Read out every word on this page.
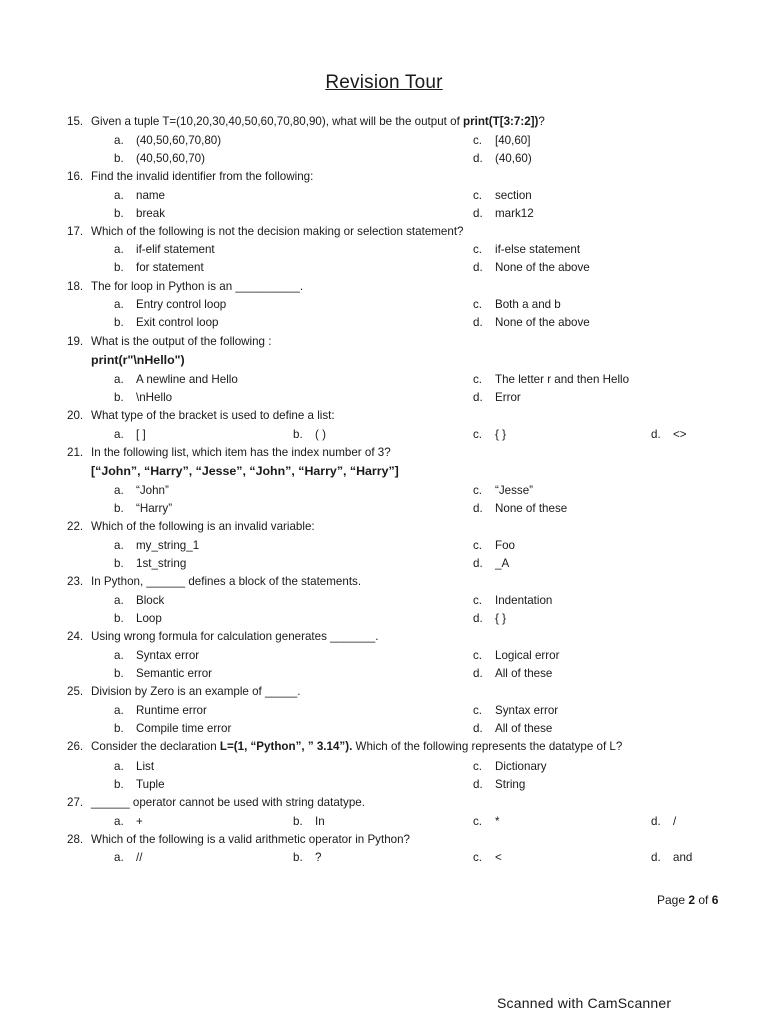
Revision Tour
15. Given a tuple T=(10,20,30,40,50,60,70,80,90), what will be the output of print(T[3:7:2])?
a. (40,50,60,70,80)	c. [40,60]
b. (40,50,60,70)	d. (40,60)
16. Find the invalid identifier from the following:
a. name	c. section
b. break	d. mark12
17. Which of the following is not the decision making or selection statement?
a. if-elif statement	c. if-else statement
b. for statement	d. None of the above
18. The for loop in Python is an __________.
a. Entry control loop	c. Both a and b
b. Exit control loop	d. None of the above
19. What is the output of the following :
print(r"\nHello")
a. A newline and Hello	c. The letter r and then Hello
b. \nHello	d. Error
20. What type of the bracket is used to define a list:
a. [ ]	b. ( )	c. { }	d. <>
21. In the following list, which item has the index number of 3?
[“John”, “Harry”, “Jesse”, “John”, “Harry”, “Harry”]
a. “John”	c. “Jesse”
b. “Harry”	d. None of these
22. Which of the following is an invalid variable:
a. my_string_1	c. Foo
b. 1st_string	d. _A
23. In Python, ______ defines a block of the statements.
a. Block	c. Indentation
b. Loop	d. { }
24. Using wrong formula for calculation generates _______.
a. Syntax error	c. Logical error
b. Semantic error	d. All of these
25. Division by Zero is an example of _____.
a. Runtime error	c. Syntax error
b. Compile time error	d. All of these
26. Consider the declaration L=(1, “Python”, ” 3.14”). Which of the following represents the datatype of L?
a. List	c. Dictionary
b. Tuple	d. String
27. ______ operator cannot be used with string datatype.
a. +	b. In	c. *	d. /
28. Which of the following is a valid arithmetic operator in Python?
a. //	b. ?	c. <	d. and
Page 2 of 6
Scanned with CamScanner
